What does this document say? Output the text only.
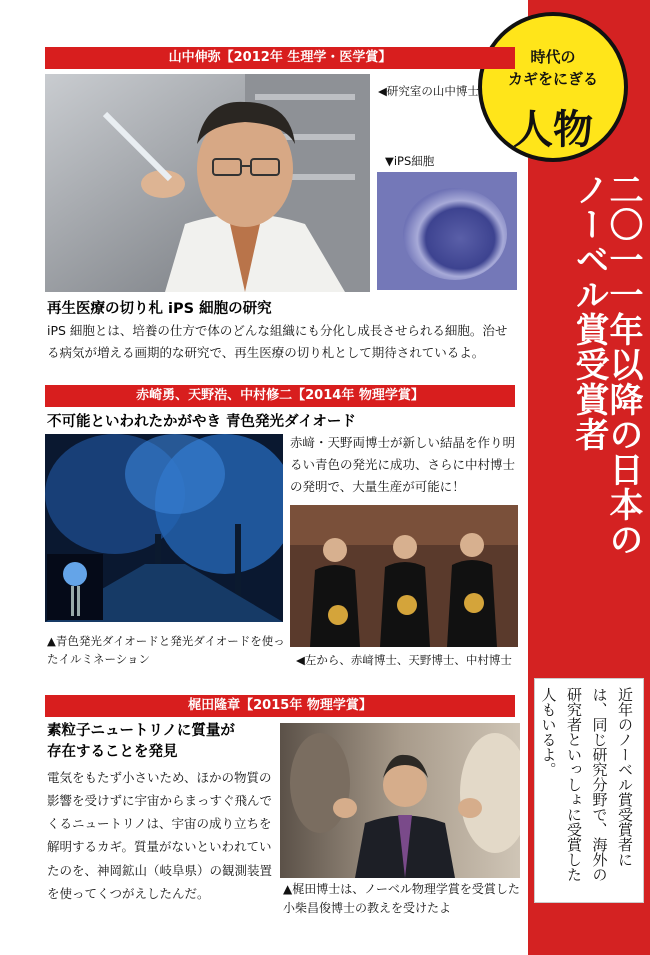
時代の
カギをにぎる
人物
二〇一一年以降の日本のノーベル賞受賞者
近年のノーベル賞受賞者には、同じ研究分野で、海外の研究者といっしょに受賞した人もいるよ。
山中伸弥【2012年 生理学・医学賞】
◀研究室の山中博士
▼iPS細胞
再生医療の切り札 iPS 細胞の研究
iPS 細胞とは、培養の仕方で体のどんな組織にも分化し成長させられる細胞。治せる病気が増える画期的な研究で、再生医療の切り札として期待されているよ。
赤崎勇、天野浩、中村修二【2014年 物理学賞】
不可能といわれたかがやき 青色発光ダイオード
赤﨑・天野両博士が新しい結晶を作り明るい青色の発光に成功、さらに中村博士の発明で、大量生産が可能に！
▲青色発光ダイオードと発光ダイオードを使ったイルミネーション	◀左から、赤﨑博士、天野博士、中村博士
梶田隆章【2015年 物理学賞】
素粒子ニュートリノに質量が
存在することを発見
電気をもたず小さいため、ほかの物質の影響を受けずに宇宙からまっすぐ飛んでくるニュートリノは、宇宙の成り立ちを解明するカギ。質量がないといわれていたのを、神岡鉱山（岐阜県）の観測装置を使ってくつがえしたんだ。	▲梶田博士は、ノーベル物理学賞を受賞した小柴昌俊博士の教えを受けたよ
